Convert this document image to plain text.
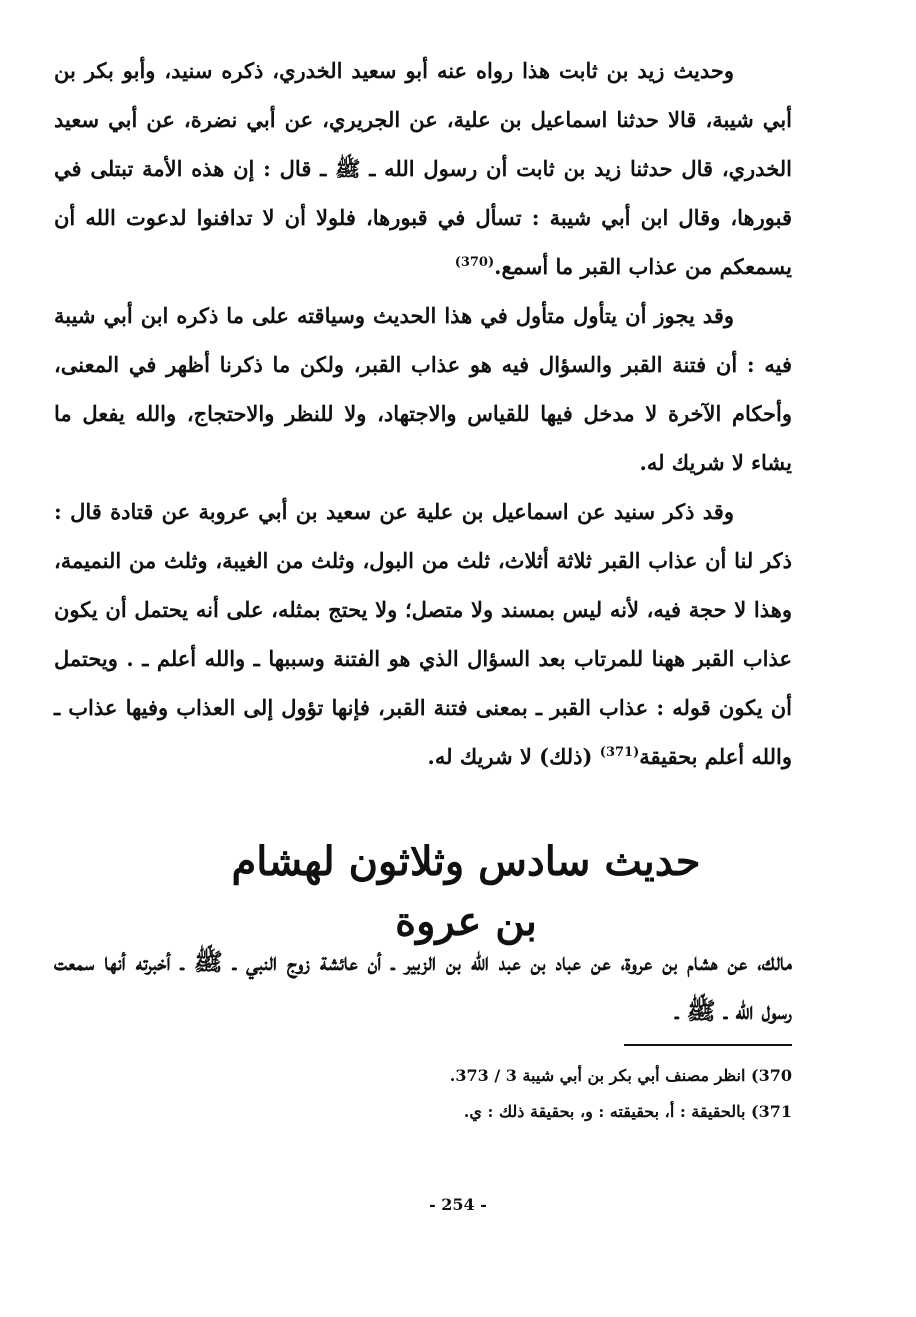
وحديث زيد بن ثابت هذا رواه عنه أبو سعيد الخدري، ذكره سنيد، وأبو بكر بن أبي شيبة، قالا حدثنا اسماعيل بن علية، عن الجريري، عن أبي نضرة، عن أبي سعيد الخدري، قال حدثنا زيد بن ثابت أن رسول الله ـ ﷺ ـ قال : إن هذه الأمة تبتلى في قبورها، وقال ابن أبي شيبة : تسأل في قبورها، فلولا أن لا تدافنوا لدعوت الله أن يسمعكم من عذاب القبر ما أسمع.$^{(370)}$

وقد يجوز أن يتأول متأول في هذا الحديث وسياقته على ما ذكره ابن أبي شيبة فيه : أن فتنة القبر والسؤال فيه هو عذاب القبر، ولكن ما ذكرنا أظهر في المعنى، وأحكام الآخرة لا مدخل فيها للقياس والاجتهاد، ولا للنظر والاحتجاج، والله يفعل ما يشاء لا شريك له.

وقد ذكر سنيد عن اسماعيل بن علية عن سعيد بن أبي عروبة عن قتادة قال : ذكر لنا أن عذاب القبر ثلاثة أثلاث، ثلث من البول، وثلث من الغيبة، وثلث من النميمة، وهذا لا حجة فيه، لأنه ليس بمسند ولا متصل؛ ولا يحتج بمثله، على أنه يحتمل أن يكون عذاب القبر ههنا للمرتاب بعد السؤال الذي هو الفتنة وسببها ـ والله أعلم ـ . ويحتمل أن يكون قوله : عذاب القبر ـ بمعنى فتنة القبر، فإنها تؤول إلى العذاب وفيها عذاب ـ والله أعلم بحقيقة$^{(371)}$ (ذلك) لا شريك له.

حديث سادس وثلاثون لهشام بن عروة
مالك، عن هشام بن عروة، عن عباد بن عبد الله بن الزبير ـ أن عائشة زوج النبي ـ ﷺ ـ أخبرته أنها سمعت رسول الله ـ ﷺ ـ

370) انظر مصنف أبي بكر بن أبي شيبة 3 / 373.

371) بالحقيقة : أ، بحقيقته : و، بحقيقة ذلك : ي.

- 254 -
